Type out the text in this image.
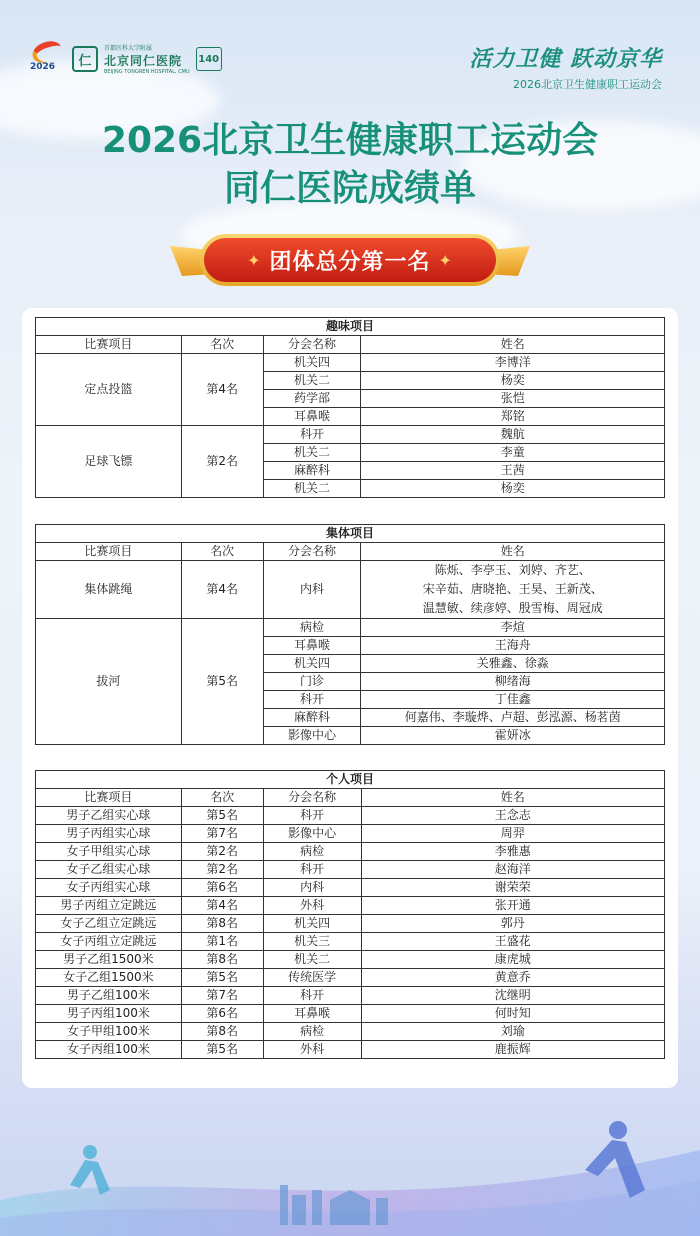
2026	仁
首都医科大学附属
北京同仁医院
BEIJING TONGREN HOSPITAL, CMU
140	活力卫健 跃动京华
2026北京卫生健康职工运动会
2026北京卫生健康职工运动会
同仁医院成绩单
✦ 团体总分第一名 ✦
趣味项目			
比赛项目	名次	分会名称	姓名
定点投篮	第4名	机关四	李博洋
		机关二	杨奕
		药学部	张恺
		耳鼻喉	郑铭
足球飞镖	第2名	科开	魏航
		机关二	李童
		麻醉科	王茜
		机关二	杨奕
集体项目			
比赛项目	名次	分会名称	姓名
集体跳绳	第4名	内科	陈烁、李亭玉、刘婷、齐艺、
宋辛茹、唐晓艳、王昊、王新茂、
温慧敏、续彦婷、殷雪梅、周冠成

拔河	第5名	病检	李煊
		耳鼻喉	王海舟
		机关四	关雅鑫、徐淼
		门诊	柳绪海
		科开	丁佳鑫
		麻醉科	何嘉伟、李璇烨、卢超、彭泓源、杨茗茵
		影像中心	霍妍冰
个人项目			
比赛项目	名次	分会名称	姓名
男子乙组实心球	第5名	科开	王念志
男子丙组实心球	第7名	影像中心	周羿
女子甲组实心球	第2名	病检	李雅惠
女子乙组实心球	第2名	科开	赵海洋
女子丙组实心球	第6名	内科	谢荣荣
男子丙组立定跳远	第4名	外科	张开通
女子乙组立定跳远	第8名	机关四	郭丹
女子丙组立定跳远	第1名	机关三	王盛花
男子乙组1500米	第8名	机关二	康虎城
女子乙组1500米	第5名	传统医学	黄意乔
男子乙组100米	第7名	科开	沈继明
男子丙组100米	第6名	耳鼻喉	何时知
女子甲组100米	第8名	病检	刘瑜
女子丙组100米	第5名	外科	鹿振辉
